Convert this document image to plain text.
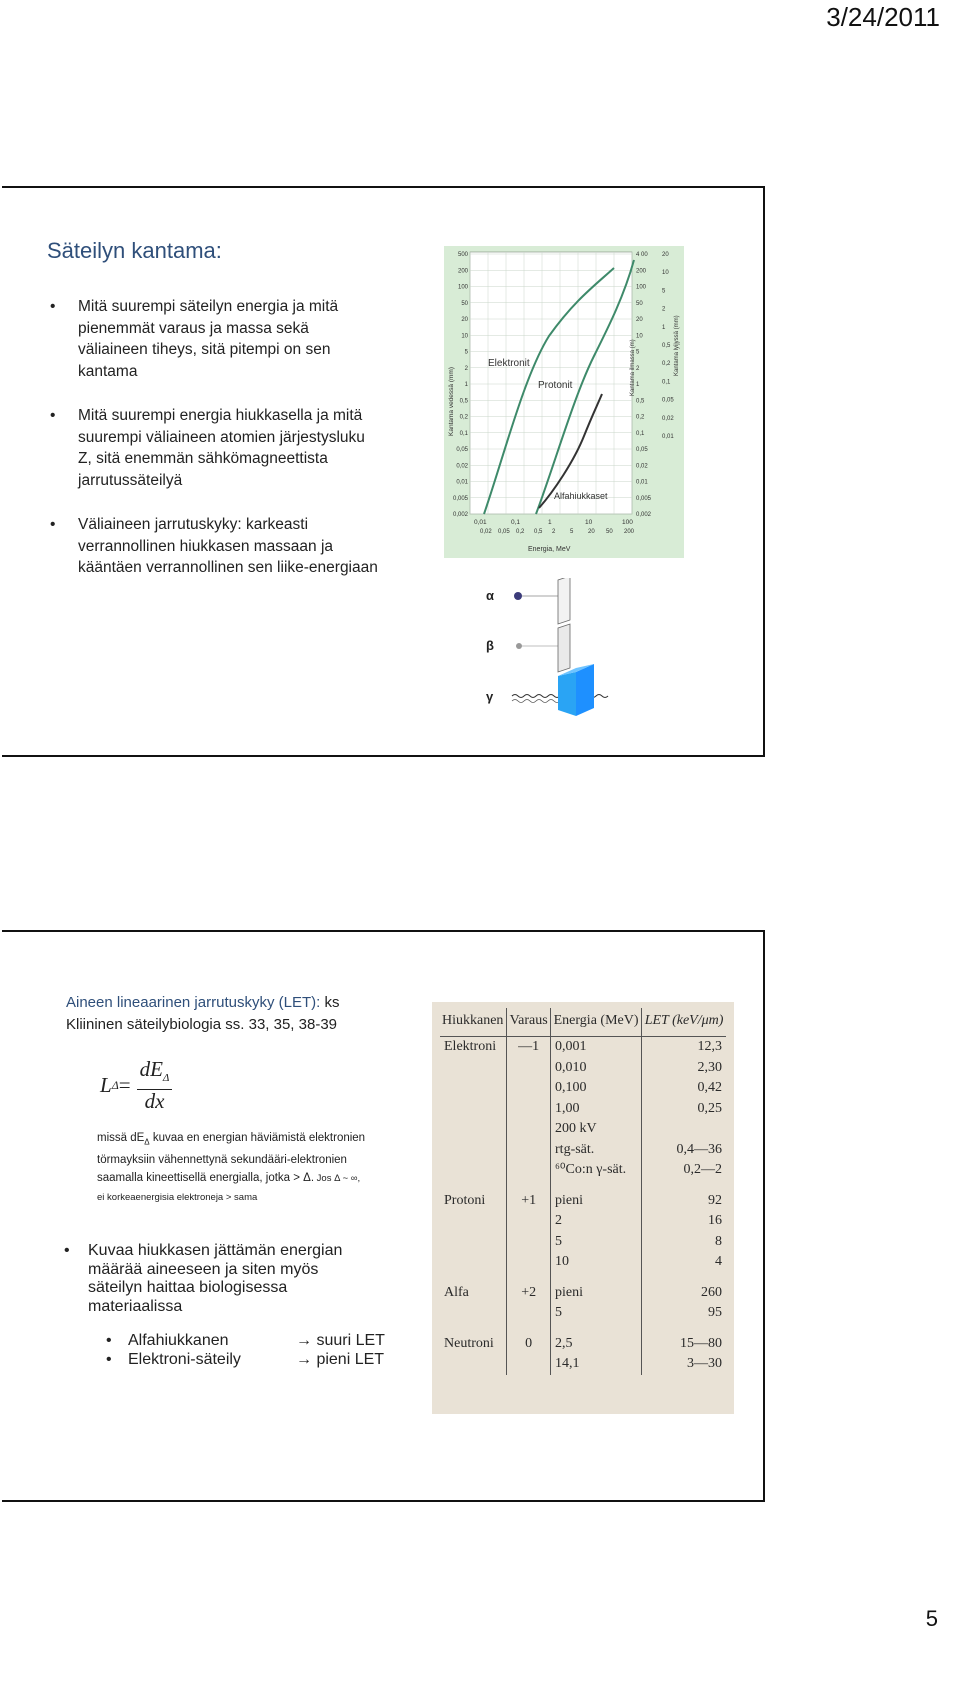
3/24/2011
Säteilyn kantama:
• Mitä suurempi säteilyn energia ja mitä pienemmät varaus ja massa sekä väliaineen tiheys, sitä pitempi on sen kantama
• Mitä suurempi energia hiukkasella ja mitä suurempi väliaineen atomien järjestysluku Z, sitä enemmän sähkömagneettista jarrutussäteilyä
• Väliaineen jarrutuskyky: karkeasti verrannollinen hiukkasen massaan ja kääntäen verrannollinen sen liike-energiaan
500
200
100
50
20
10
5
2
1
0,5
0,2
0,1
0,05
0,02
0,01
0,005
0,002
4 00
200
100
50
20
10
5
2
1
0,5
0,2
0,1
0,05
0,02
0,01
0,005
0,002
20
10
5
2
1
0,5
0,2
0,1
0,05
0,02
0,01
0,01	0,1	1	10	100
0,02 0,05 0,2 0,5 2 5 20 50 200
Elektronit
Protonit
Alfahiukkaset
Energia, MeV
Kantama vedessä (mm)	Kantama ilmassa (m)	Kantama lyijyssä (mm)
α
β
γ
Aineen lineaarinen jarrutuskyky (LET): ks Kliininen säteilybiologia ss. 33, 35, 38-39
L $\Delta = \frac{dE_\Delta}{dx}$
missä $dE_\Delta$ kuvaa en energian häviämistä elektronien törmayksiin vähennettynä sekundääri-elektronien saamalla kineettisellä energialla, jotka > Δ. Jos Δ ~ ∞, ei korkeaenergisia elektroneja > sama
• Kuvaa hiukkasen jättämän energian määrää aineeseen ja siten myös säteilyn haittaa biologisessa materiaalissa
• Alfahiukkanen	→ suuri LET
• Elektroni-säteily	→ pieni LET
Hiukkanen	Varaus	Energia (MeV)	LET (keV/μm)
Elektroni	—1	0,001	12,3
		0,010	2,30
		0,100	0,42
		1,00	0,25
		200 kV	
		rtg-sät.	0,4—36
		⁶⁰Co:n γ-sät.	0,2—2
Protoni	+1	pieni	92
		2	16
		5	8
		10	4
Alfa	+2	pieni	260
		5	95
Neutroni	0	2,5	15—80
		14,1	3—30
5
